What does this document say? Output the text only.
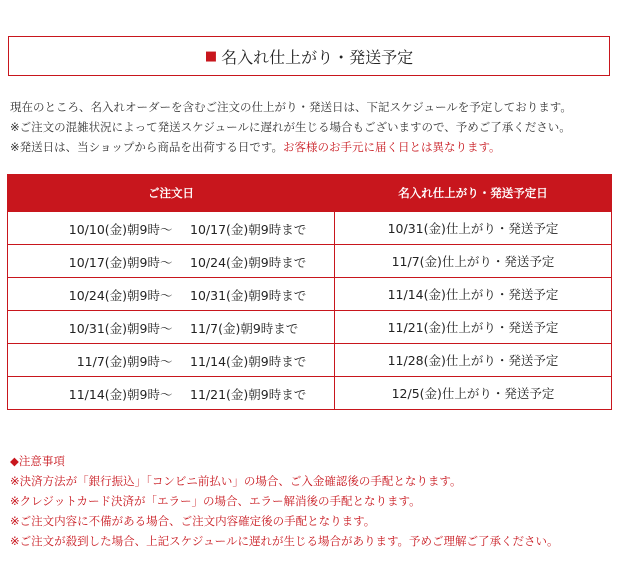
■ 名入れ仕上がり・発送予定
現在のところ、名入れオーダーを含むご注文の仕上がり・発送日は、下記スケジュールを予定しております。
※ご注文の混雑状況によって発送スケジュールに遅れが生じる場合もございますので、予めご了承ください。
※発送日は、当ショップから商品を出荷する日です。お客様のお手元に届く日とは異なります。
ご注文日	名入れ仕上がり・発送予定日

10/10(金)朝9時 ～ 10/17(金)朝9時まで	10/31(金)仕上がり・発送予定

10/17(金)朝9時 ～ 10/24(金)朝9時まで	11/7(金)仕上がり・発送予定

10/24(金)朝9時 ～ 10/31(金)朝9時まで	11/14(金)仕上がり・発送予定

10/31(金)朝9時 ～ 11/7(金)朝9時まで	11/21(金)仕上がり・発送予定

11/7(金)朝9時 ～ 11/14(金)朝9時まで	11/28(金)仕上がり・発送予定

11/14(金)朝9時 ～ 11/21(金)朝9時まで	12/5(金)仕上がり・発送予定
◆注意事項
※決済方法が「銀行振込」「コンビニ前払い」の場合、ご入金確認後の手配となります。
※クレジットカード決済が「エラー」の場合、エラー解消後の手配となります。
※ご注文内容に不備がある場合、ご注文内容確定後の手配となります。
※ご注文が殺到した場合、上記スケジュールに遅れが生じる場合があります。予めご理解ご了承ください。
